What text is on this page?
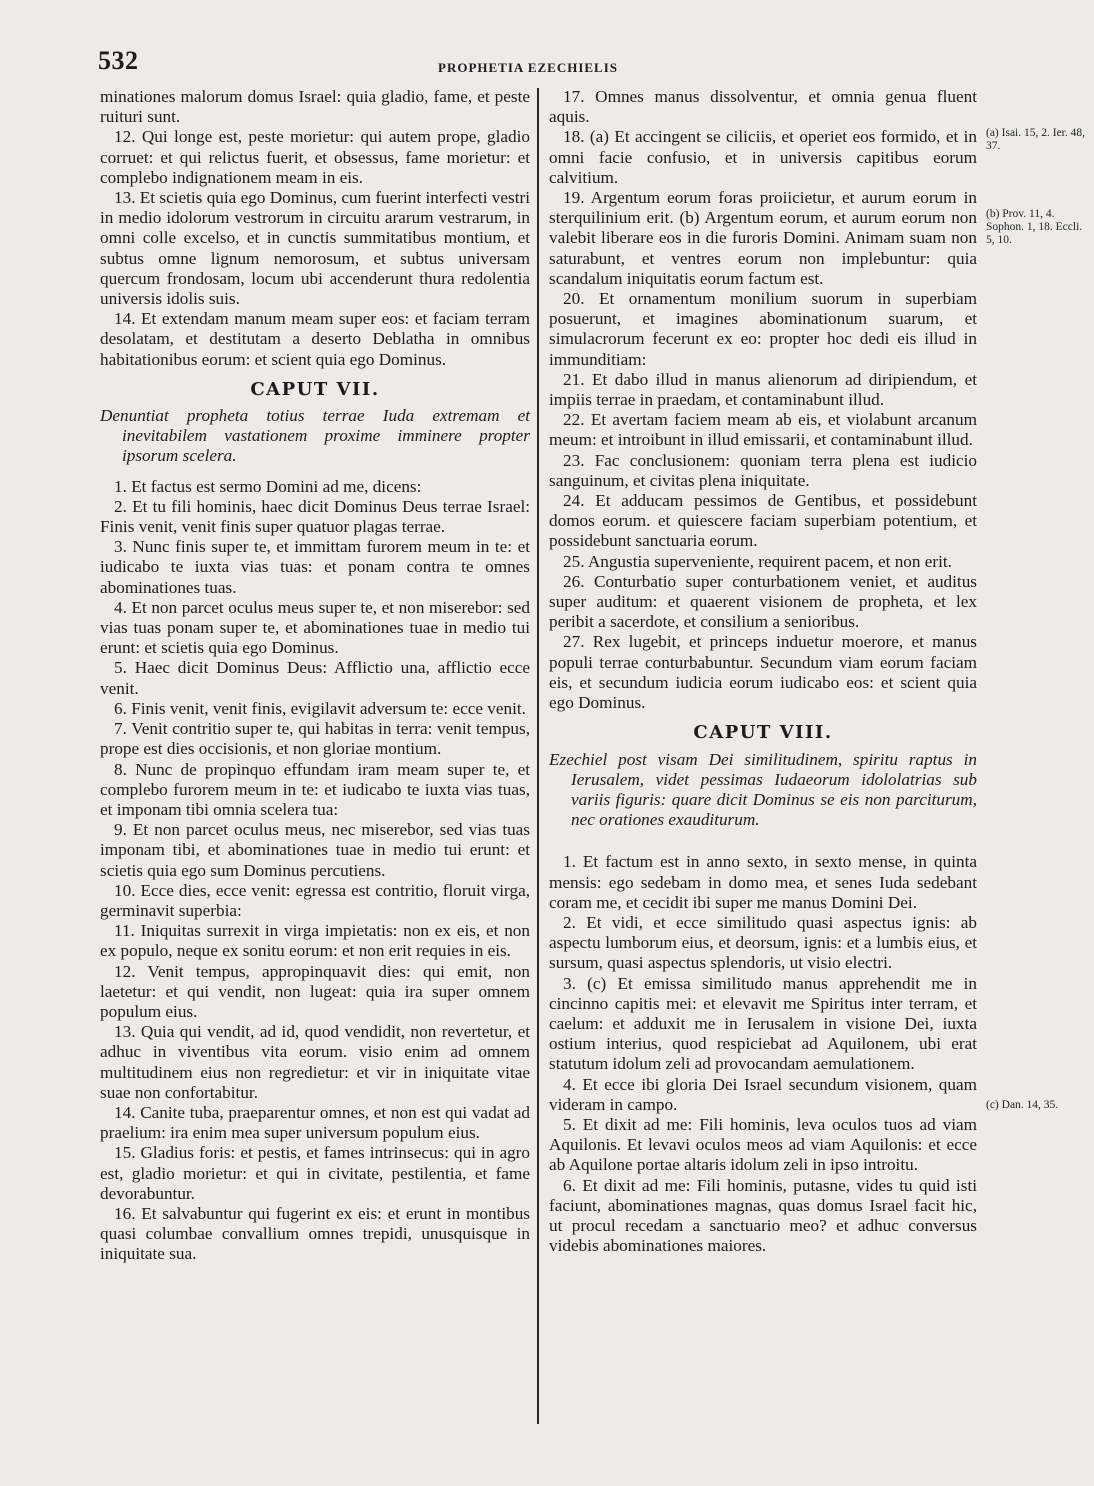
532	PROPHETIA EZECHIELIS

minationes malorum domus Israel: quia gladio, fame, et peste ruituri sunt.

12. Qui longe est, peste morietur: qui autem prope, gladio corruet: et qui relictus fuerit, et obsessus, fame morietur: et complebo indignationem meam in eis.

13. Et scietis quia ego Dominus, cum fuerint interfecti vestri in medio idolorum vestrorum in circuitu ararum vestrarum, in omni colle excelso, et in cunctis summitatibus montium, et subtus omne lignum nemorosum, et subtus universam quercum frondosam, locum ubi accenderunt thura redolentia universis idolis suis.

14. Et extendam manum meam super eos: et faciam terram desolatam, et destitutam a deserto Deblatha in omnibus habitationibus eorum: et scient quia ego Dominus.

CAPUT VII.

Denuntiat propheta totius terrae Iuda extremam et inevitabilem vastationem proxime imminere propter ipsorum scelera.

1. Et factus est sermo Domini ad me, dicens:

2. Et tu fili hominis, haec dicit Dominus Deus terrae Israel: Finis venit, venit finis super quatuor plagas terrae.

3. Nunc finis super te, et immittam furorem meum in te: et iudicabo te iuxta vias tuas: et ponam contra te omnes abominationes tuas.

4. Et non parcet oculus meus super te, et non miserebor: sed vias tuas ponam super te, et abominationes tuae in medio tui erunt: et scietis quia ego Dominus.

5. Haec dicit Dominus Deus: Afflictio una, afflictio ecce venit.

6. Finis venit, venit finis, evigilavit adversum te: ecce venit.

7. Venit contritio super te, qui habitas in terra: venit tempus, prope est dies occisionis, et non gloriae montium.

8. Nunc de propinquo effundam iram meam super te, et complebo furorem meum in te: et iudicabo te iuxta vias tuas, et imponam tibi omnia scelera tua:

9. Et non parcet oculus meus, nec miserebor, sed vias tuas imponam tibi, et abominationes tuae in medio tui erunt: et scietis quia ego sum Dominus percutiens.

10. Ecce dies, ecce venit: egressa est contritio, floruit virga, germinavit superbia:

11. Iniquitas surrexit in virga impietatis: non ex eis, et non ex populo, neque ex sonitu eorum: et non erit requies in eis.

12. Venit tempus, appropinquavit dies: qui emit, non laetetur: et qui vendit, non lugeat: quia ira super omnem populum eius.

13. Quia qui vendit, ad id, quod vendidit, non revertetur, et adhuc in viventibus vita eorum. visio enim ad omnem multitudinem eius non regredietur: et vir in iniquitate vitae suae non confortabitur.

14. Canite tuba, praeparentur omnes, et non est qui vadat ad praelium: ira enim mea super universum populum eius.

15. Gladius foris: et pestis, et fames intrinsecus: qui in agro est, gladio morietur: et qui in civitate, pestilentia, et fame devorabuntur.

16. Et salvabuntur qui fugerint ex eis: et erunt in montibus quasi columbae convallium omnes trepidi, unusquisque in iniquitate sua.

17. Omnes manus dissolventur, et omnia genua fluent aquis.

18. (a) Et accingent se ciliciis, et operiet eos formido, et in omni facie confusio, et in universis capitibus eorum calvitium.

19. Argentum eorum foras proiicietur, et aurum eorum in sterquilinium erit. (b) Argentum eorum, et aurum eorum non valebit liberare eos in die furoris Domini. Animam suam non saturabunt, et ventres eorum non implebuntur: quia scandalum iniquitatis eorum factum est.

20. Et ornamentum monilium suorum in superbiam posuerunt, et imagines abominationum suarum, et simulacrorum fecerunt ex eo: propter hoc dedi eis illud in immunditiam:

21. Et dabo illud in manus alienorum ad diripiendum, et impiis terrae in praedam, et contaminabunt illud.

22. Et avertam faciem meam ab eis, et violabunt arcanum meum: et introibunt in illud emissarii, et contaminabunt illud.

23. Fac conclusionem: quoniam terra plena est iudicio sanguinum, et civitas plena iniquitate.

24. Et adducam pessimos de Gentibus, et possidebunt domos eorum. et quiescere faciam superbiam potentium, et possidebunt sanctuaria eorum.

25. Angustia superveniente, requirent pacem, et non erit.

26. Conturbatio super conturbationem veniet, et auditus super auditum: et quaerent visionem de propheta, et lex peribit a sacerdote, et consilium a senioribus.

27. Rex lugebit, et princeps induetur moerore, et manus populi terrae conturbabuntur. Secundum viam eorum faciam eis, et secundum iudicia eorum iudicabo eos: et scient quia ego Dominus.

CAPUT VIII.

Ezechiel post visam Dei similitudinem, spiritu raptus in Ierusalem, videt pessimas Iudaeorum idololatrias sub variis figuris: quare dicit Dominus se eis non parciturum, nec orationes exauditurum.

1. Et factum est in anno sexto, in sexto mense, in quinta mensis: ego sedebam in domo mea, et senes Iuda sedebant coram me, et cecidit ibi super me manus Domini Dei.

2. Et vidi, et ecce similitudo quasi aspectus ignis: ab aspectu lumborum eius, et deorsum, ignis: et a lumbis eius, et sursum, quasi aspectus splendoris, ut visio electri.

3. (c) Et emissa similitudo manus apprehendit me in cincinno capitis mei: et elevavit me Spiritus inter terram, et caelum: et adduxit me in Ierusalem in visione Dei, iuxta ostium interius, quod respiciebat ad Aquilonem, ubi erat statutum idolum zeli ad provocandam aemulationem.

4. Et ecce ibi gloria Dei Israel secundum visionem, quam videram in campo.

5. Et dixit ad me: Fili hominis, leva oculos tuos ad viam Aquilonis. Et levavi oculos meos ad viam Aquilonis: et ecce ab Aquilone portae altaris idolum zeli in ipso introitu.

6. Et dixit ad me: Fili hominis, putasne, vides tu quid isti faciunt, abominationes magnas, quas domus Israel facit hic, ut procul recedam a sanctuario meo? et adhuc conversus videbis abominationes maiores.

(a) Isai. 15, 2. Ier. 48, 37.
(b) Prov. 11, 4. Sophon. 1, 18. Eccli. 5, 10.
(c) Dan. 14, 35.
